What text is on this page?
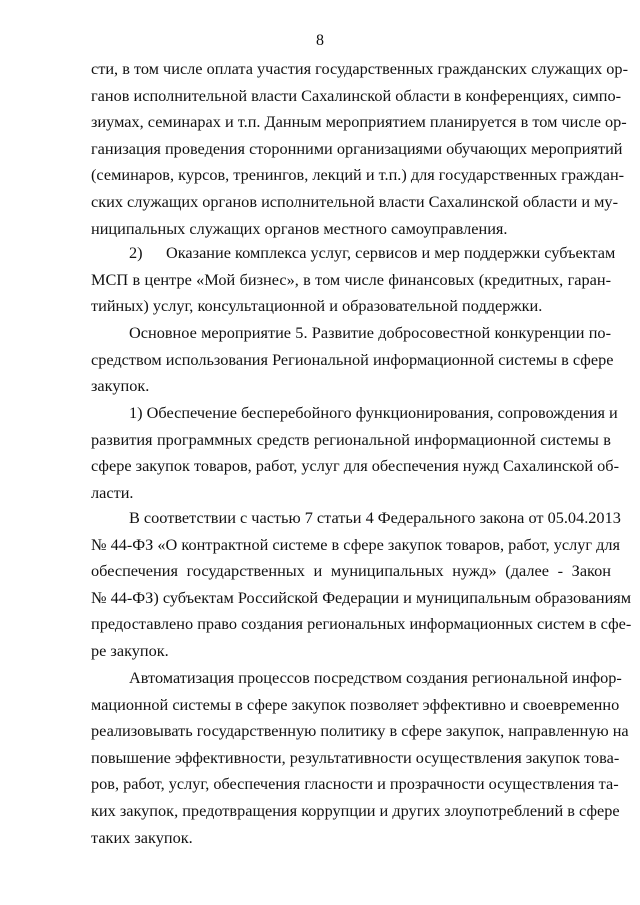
8
сти, в том числе оплата участия государственных гражданских служащих ор-
ганов исполнительной власти Сахалинской области в конференциях, симпо-
зиумах, семинарах и т.п. Данным мероприятием планируется в том числе ор-
ганизация проведения сторонними организациями обучающих мероприятий
(семинаров, курсов, тренингов, лекций и т.п.) для государственных граждан-
ских служащих органов исполнительной власти Сахалинской области и му-
ниципальных служащих органов местного самоуправления.
2) Оказание комплекса услуг, сервисов и мер поддержки субъектам
МСП в центре «Мой бизнес», в том числе финансовых (кредитных, гаран-
тийных) услуг, консультационной и образовательной поддержки.
Основное мероприятие 5. Развитие добросовестной конкуренции по-
средством использования Региональной информационной системы в сфере
закупок.
1) Обеспечение бесперебойного функционирования, сопровождения и
развития программных средств региональной информационной системы в
сфере закупок товаров, работ, услуг для обеспечения нужд Сахалинской об-
ласти.
В соответствии с частью 7 статьи 4 Федерального закона от 05.04.2013
№ 44-ФЗ «О контрактной системе в сфере закупок товаров, работ, услуг для
обеспечения государственных и муниципальных нужд» (далее - Закон
№ 44-ФЗ) субъектам Российской Федерации и муниципальным образованиям
предоставлено право создания региональных информационных систем в сфе-
ре закупок.
Автоматизация процессов посредством создания региональной инфор-
мационной системы в сфере закупок позволяет эффективно и своевременно
реализовывать государственную политику в сфере закупок, направленную на
повышение эффективности, результативности осуществления закупок това-
ров, работ, услуг, обеспечения гласности и прозрачности осуществления та-
ких закупок, предотвращения коррупции и других злоупотреблений в сфере
таких закупок.
